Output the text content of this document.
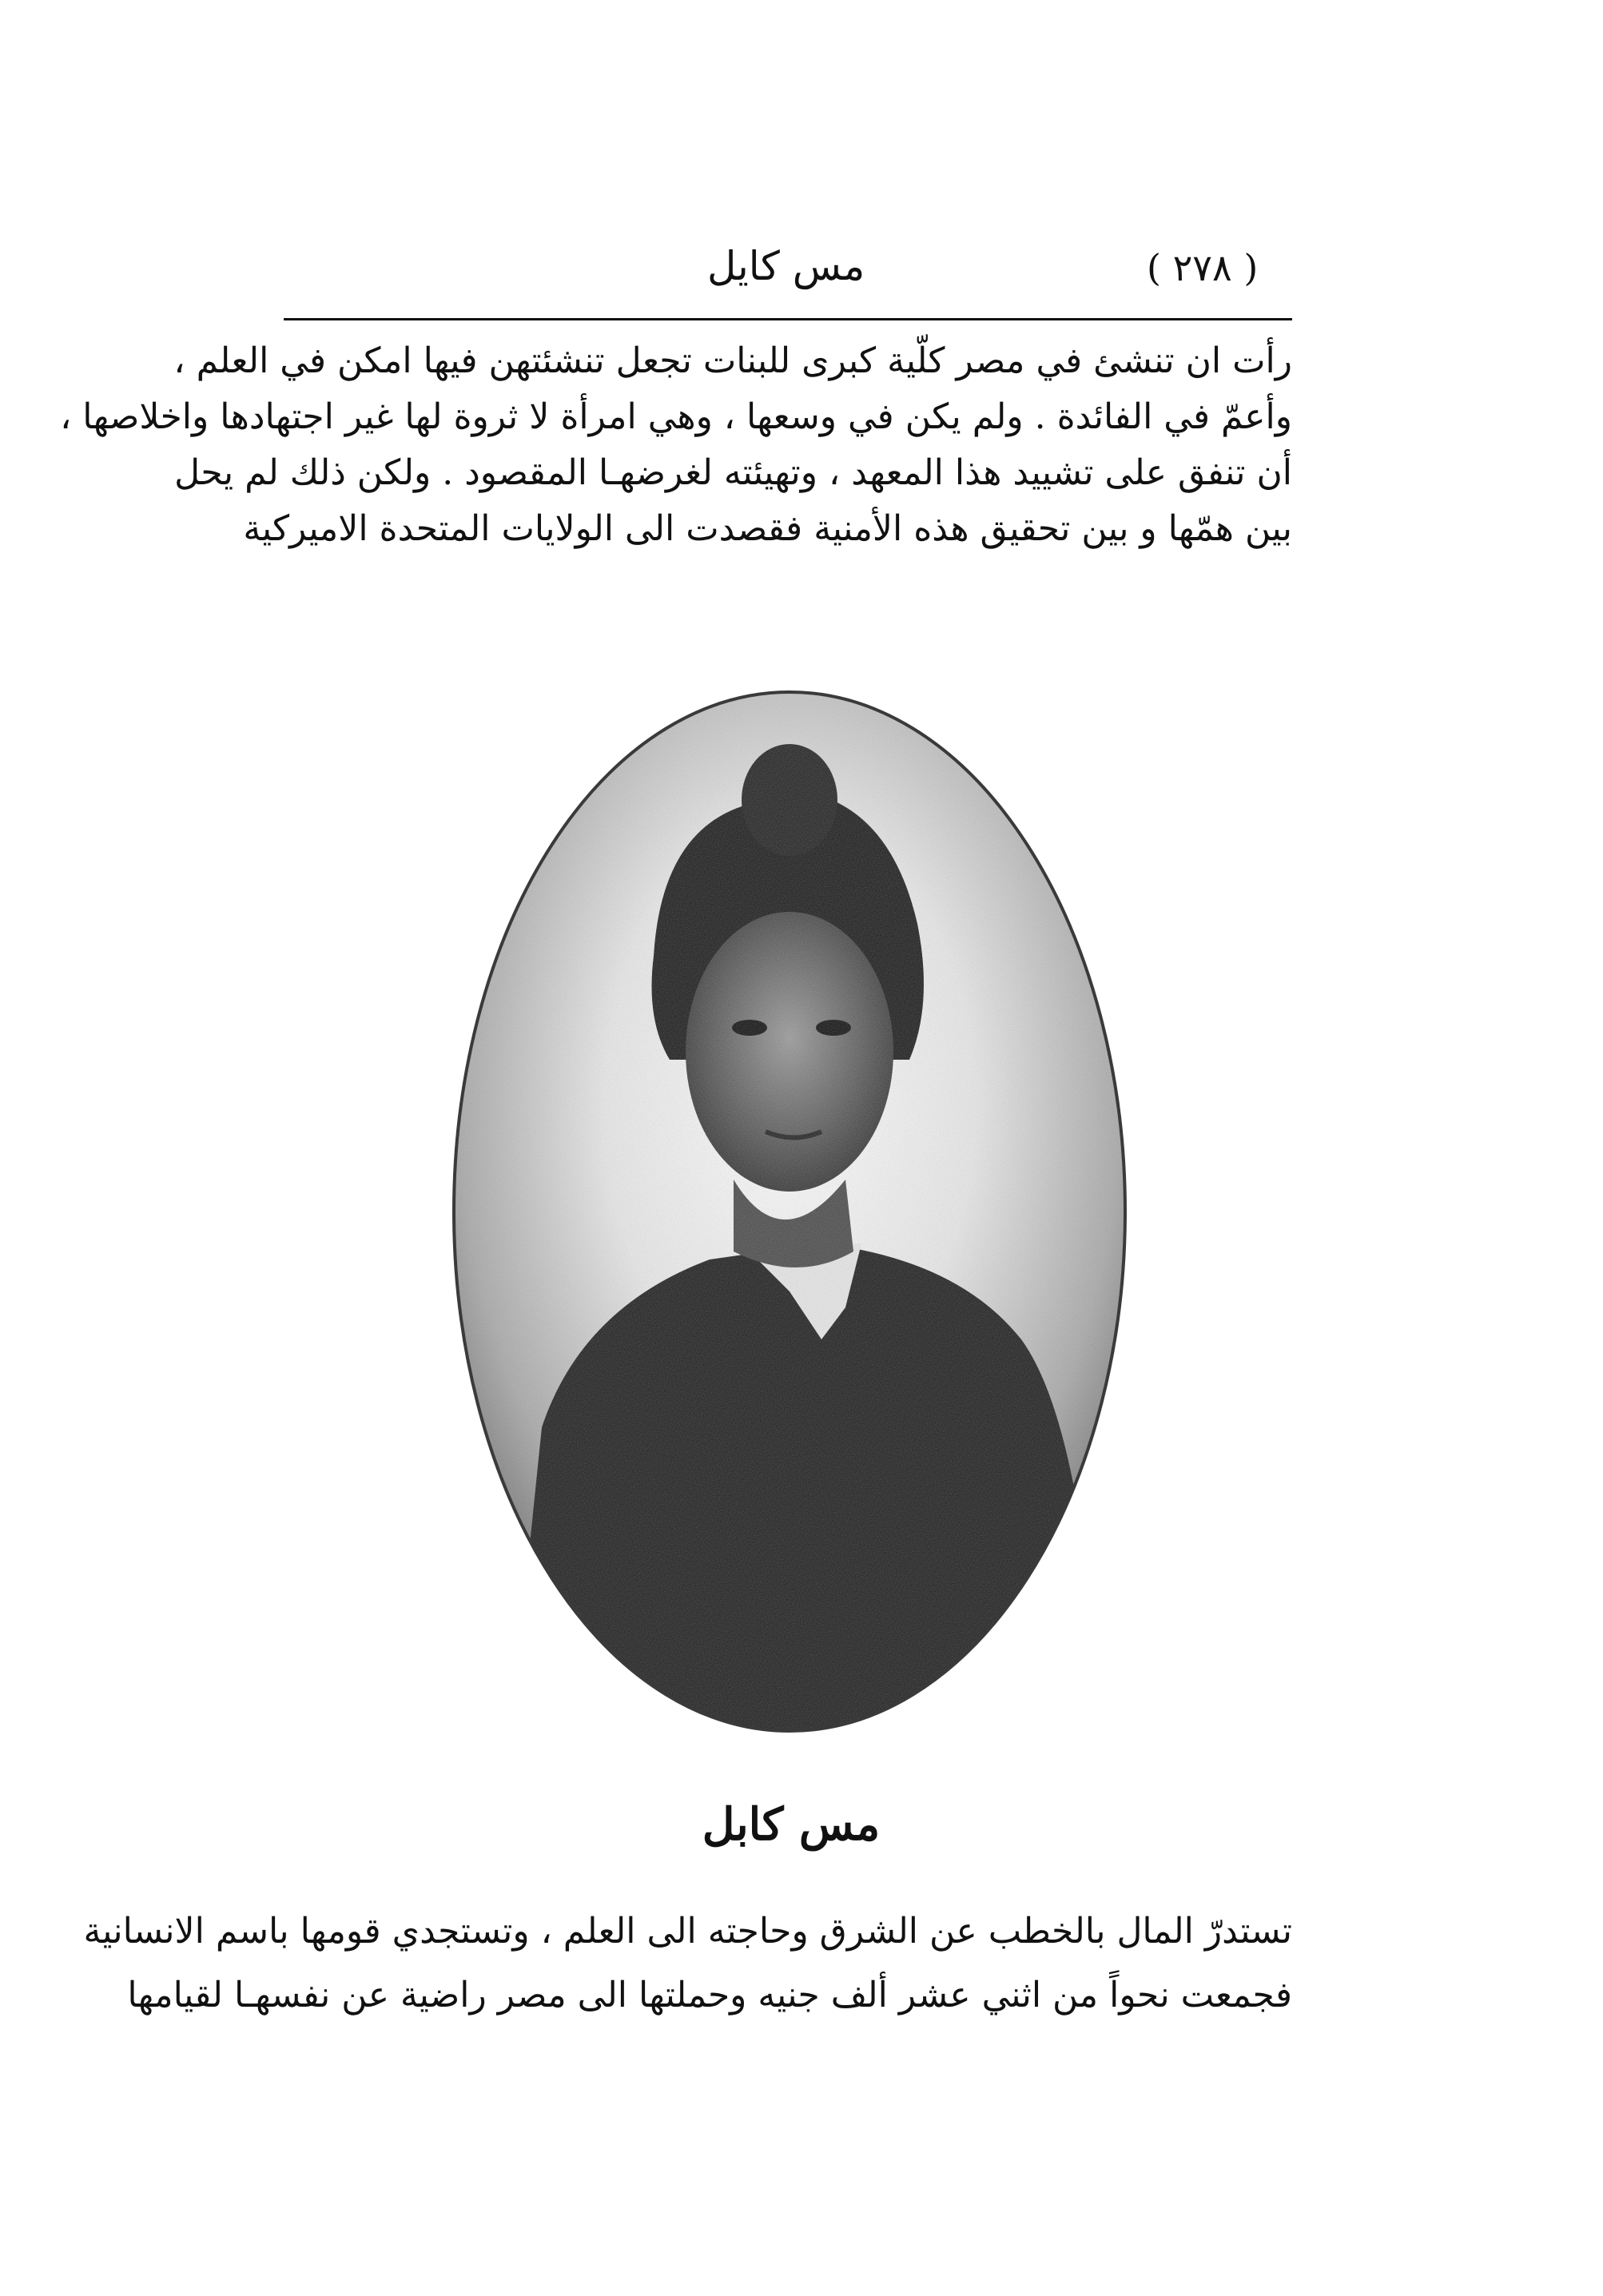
( ٢٧٨ )
مس كايل
رأت ان تنشئ في مصر كلّية كبرى للبنات تجعل تنشئتهن فيها امكن في العلم ،
وأعمّ في الفائدة . ولم يكن في وسعها ، وهي امرأة لا ثروة لها غير اجتهادها واخلاصها ،
أن تنفق على تشييد هذا المعهد ، وتهيئته لغرضهـا المقصود . ولكن ذلك لم يحل
بين همّها و بين تحقيق هذه الأمنية فقصدت الى الولايات المتحدة الاميركية
مس كابل
تستدرّ المال بالخطب عن الشرق وحاجته الى العلم ، وتستجدي قومها باسم الانسانية
فجمعت نحواً من اثني عشر ألف جنيه وحملتها الى مصر راضية عن نفسهـا لقيامها
